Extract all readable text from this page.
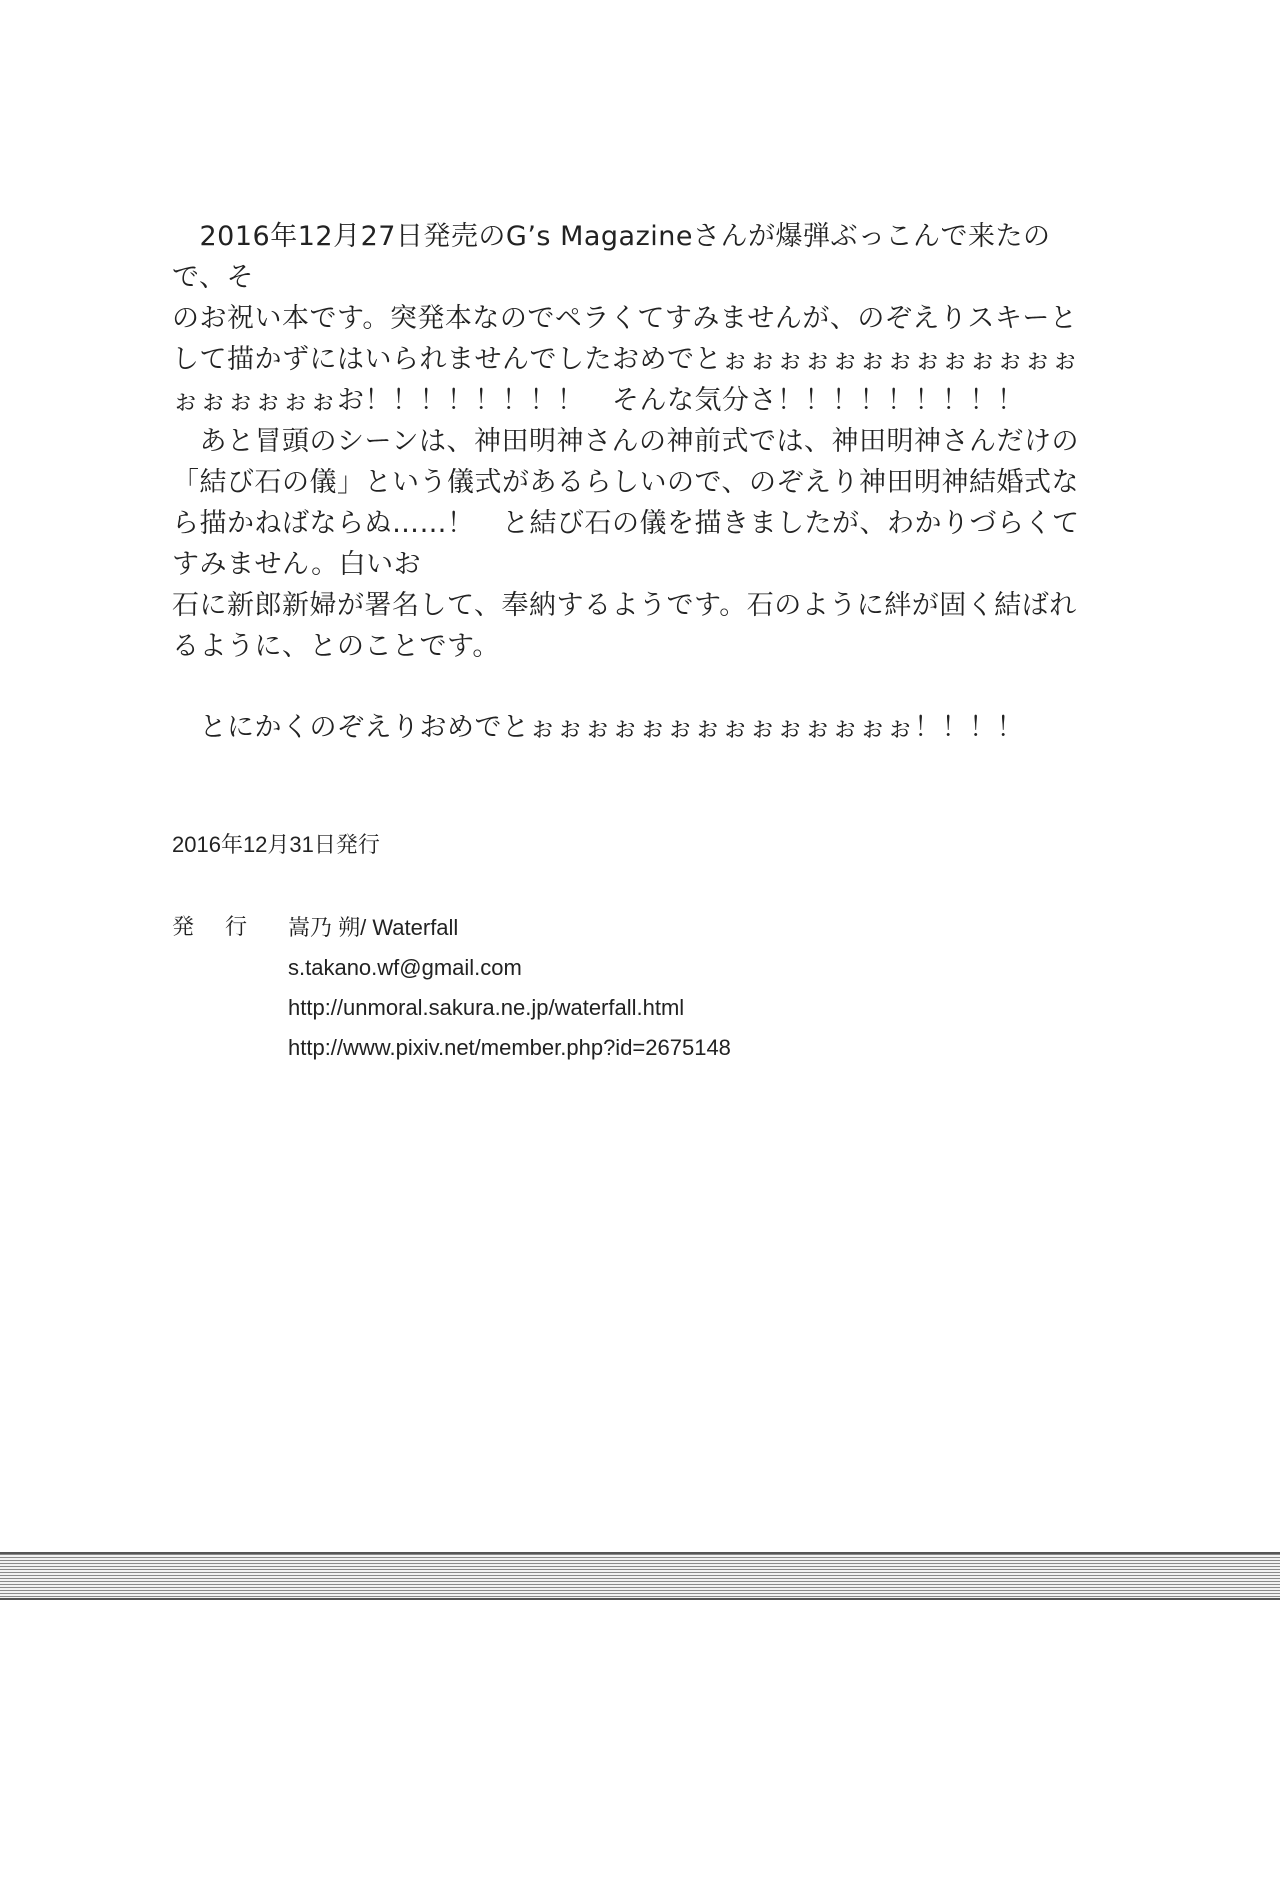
　2016年12月27日発売のG’s Magazineさんが爆弾ぶっこんで来たので、そ

のお祝い本です。突発本なのでペラくてすみませんが、のぞえりスキーと

して描かずにはいられませんでしたおめでとぉぉぉぉぉぉぉぉぉぉぉぉぉ

ぉぉぉぉぉぉお！！！！！！！！　そんな気分さ！！！！！！！！！

　あと冒頭のシーンは、神田明神さんの神前式では、神田明神さんだけの

「結び石の儀」という儀式があるらしいので、のぞえり神田明神結婚式な

ら描かねばならぬ……！　と結び石の儀を描きましたが、わかりづらくて

すみません。白いお

石に新郎新婦が署名して、奉納するようです。石のように絆が固く結ばれ

るように、とのことです。

　とにかくのぞえりおめでとぉぉぉぉぉぉぉぉぉぉぉぉぉぉ！！！！

2016年12月31日発行
発 行	嵩乃 朔/ Waterfall
s.takano.wf@gmail.com
http://unmoral.sakura.ne.jp/waterfall.html
http://www.pixiv.net/member.php?id=2675148
